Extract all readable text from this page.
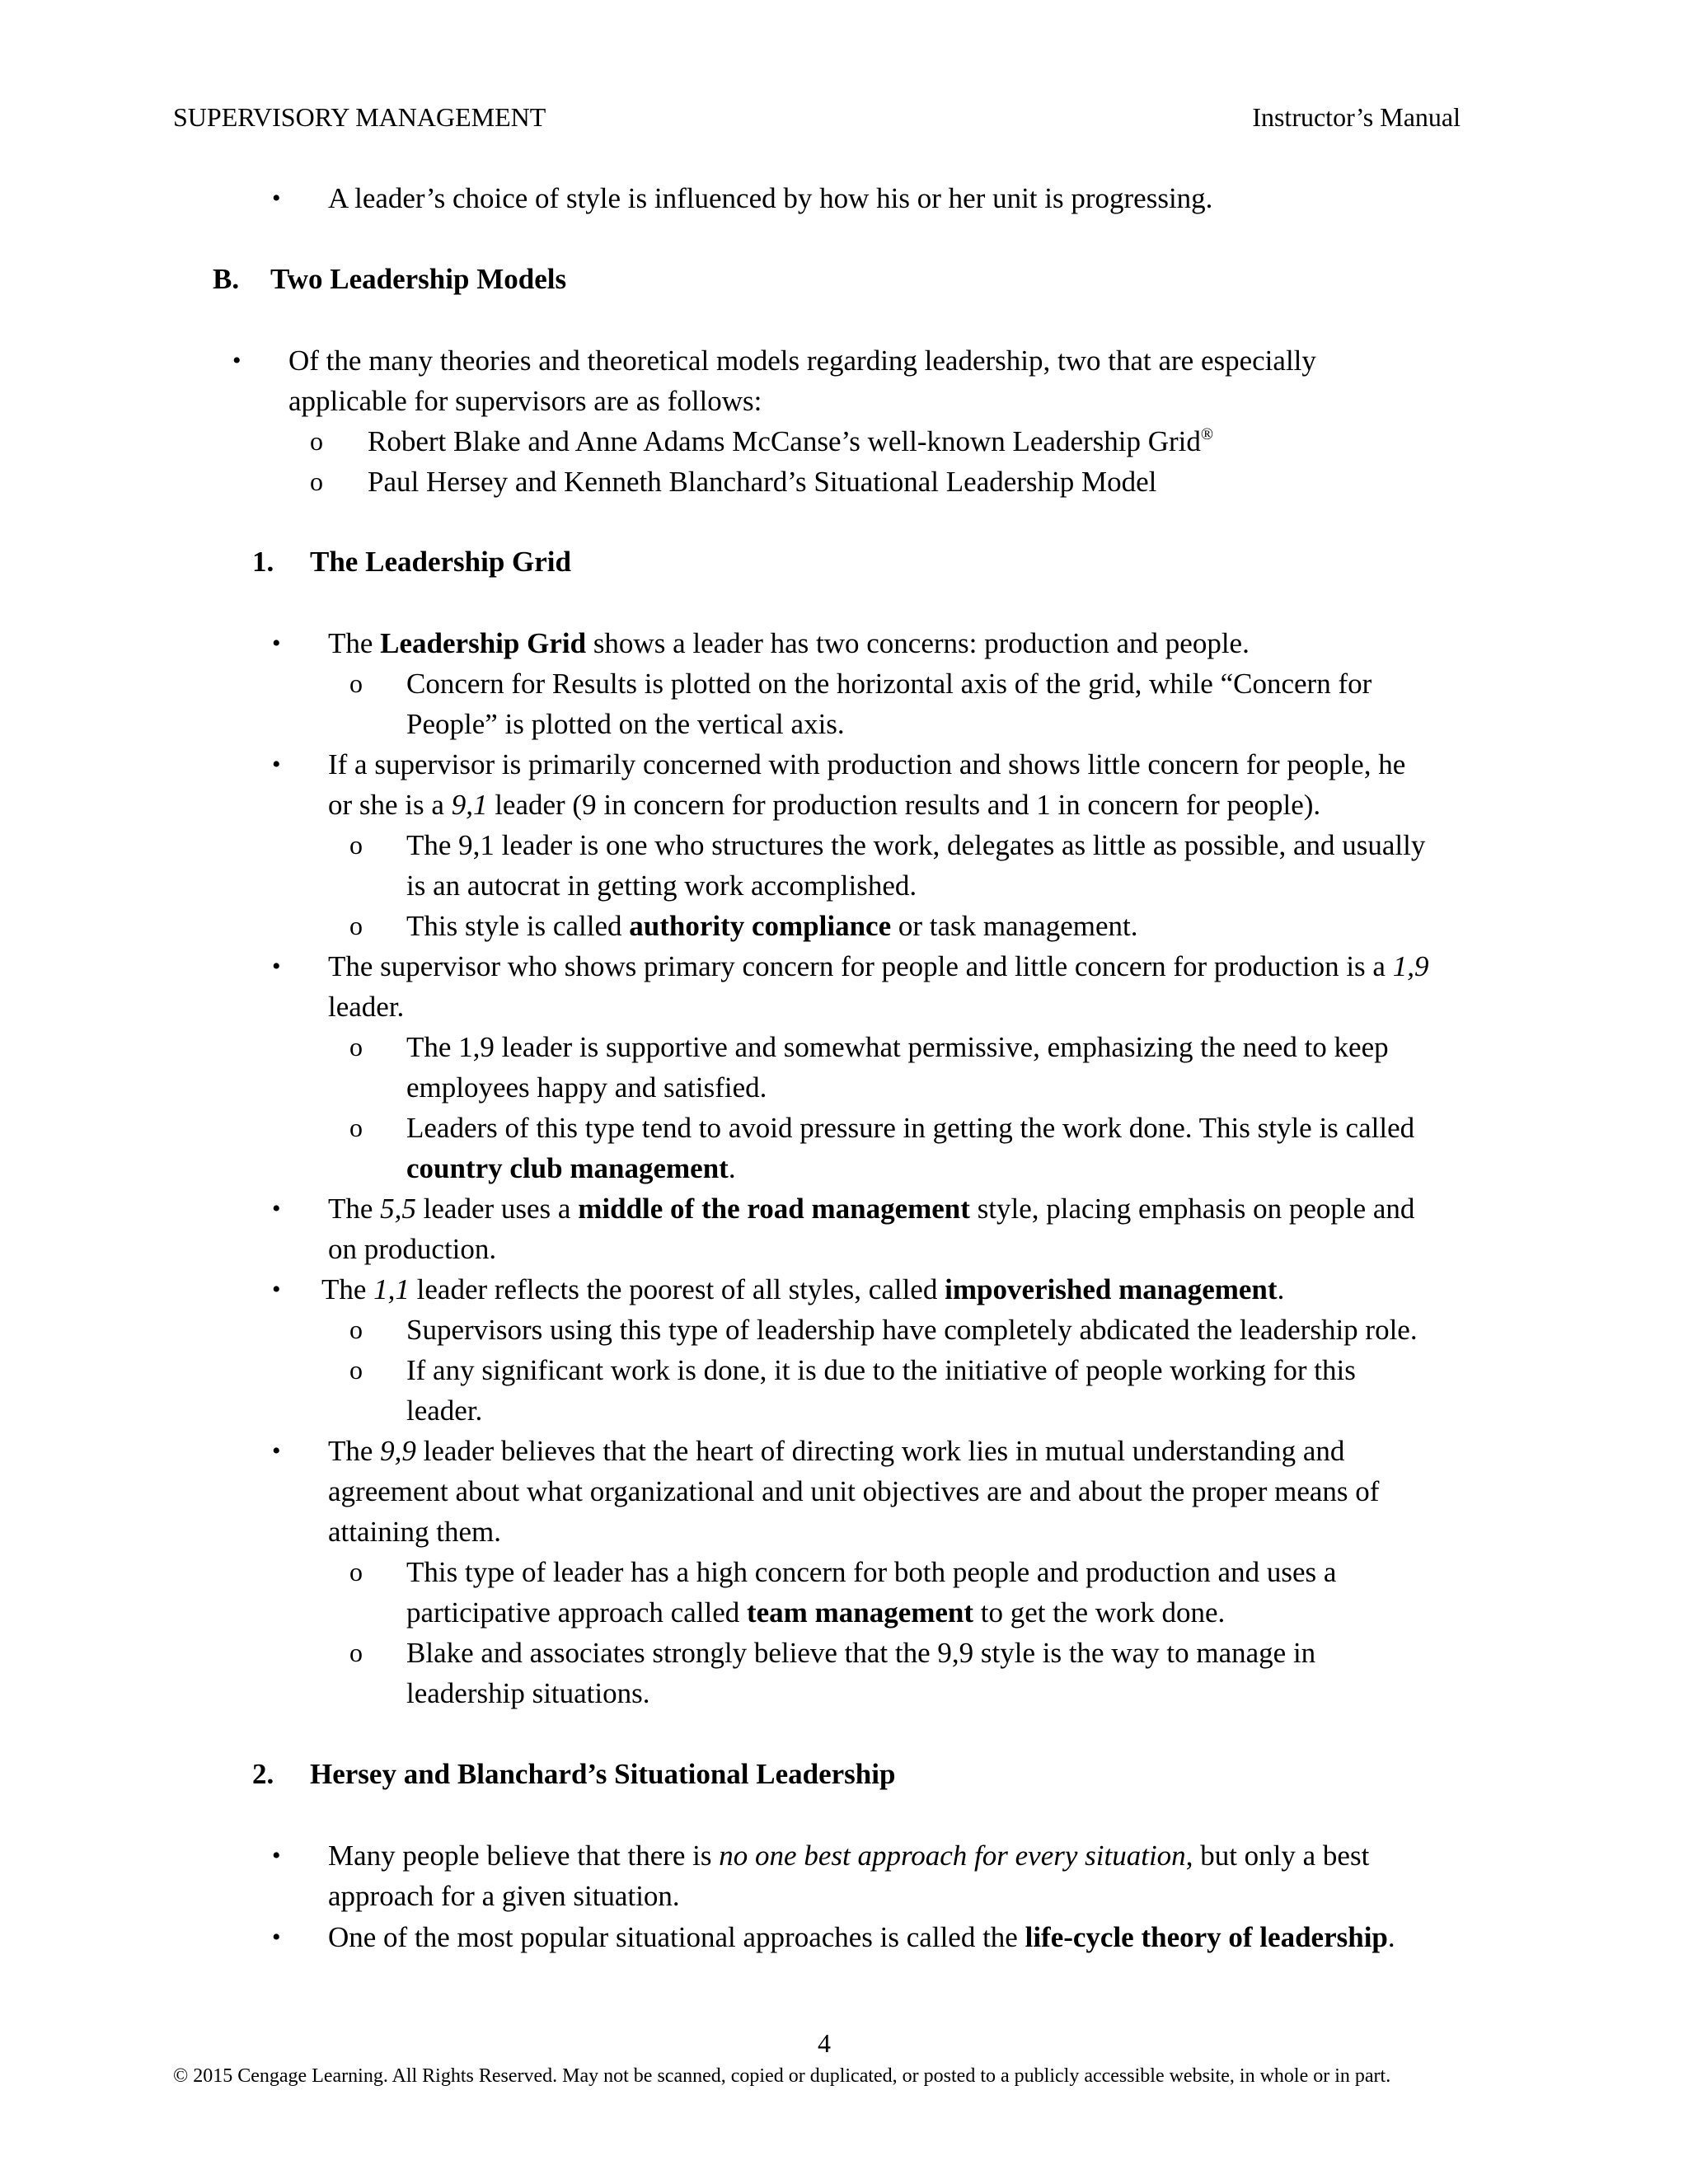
SUPERVISORY MANAGEMENT	Instructor’s Manual
• A leader’s choice of style is influenced by how his or her unit is progressing.
B. Two Leadership Models
• Of the many theories and theoretical models regarding leadership, two that are especially
applicable for supervisors are as follows:
o Robert Blake and Anne Adams McCanse’s well-known Leadership Grid®
o Paul Hersey and Kenneth Blanchard’s Situational Leadership Model
1. The Leadership Grid
• The Leadership Grid shows a leader has two concerns: production and people.
o Concern for Results is plotted on the horizontal axis of the grid, while “Concern for
People” is plotted on the vertical axis.
• If a supervisor is primarily concerned with production and shows little concern for people, he
or she is a 9,1 leader (9 in concern for production results and 1 in concern for people).
o The 9,1 leader is one who structures the work, delegates as little as possible, and usually
is an autocrat in getting work accomplished.
o This style is called authority compliance or task management.
• The supervisor who shows primary concern for people and little concern for production is a 1,9
leader.
o The 1,9 leader is supportive and somewhat permissive, emphasizing the need to keep
employees happy and satisfied.
o Leaders of this type tend to avoid pressure in getting the work done. This style is called
country club management.
• The 5,5 leader uses a middle of the road management style, placing emphasis on people and
on production.
• The 1,1 leader reflects the poorest of all styles, called impoverished management.
o Supervisors using this type of leadership have completely abdicated the leadership role.
o If any significant work is done, it is due to the initiative of people working for this
leader.
• The 9,9 leader believes that the heart of directing work lies in mutual understanding and
agreement about what organizational and unit objectives are and about the proper means of
attaining them.
o This type of leader has a high concern for both people and production and uses a
participative approach called team management to get the work done.
o Blake and associates strongly believe that the 9,9 style is the way to manage in
leadership situations.
2. Hersey and Blanchard’s Situational Leadership
• Many people believe that there is no one best approach for every situation, but only a best
approach for a given situation.
• One of the most popular situational approaches is called the life-cycle theory of leadership.
4
© 2015 Cengage Learning. All Rights Reserved. May not be scanned, copied or duplicated, or posted to a publicly accessible website, in whole or in part.
